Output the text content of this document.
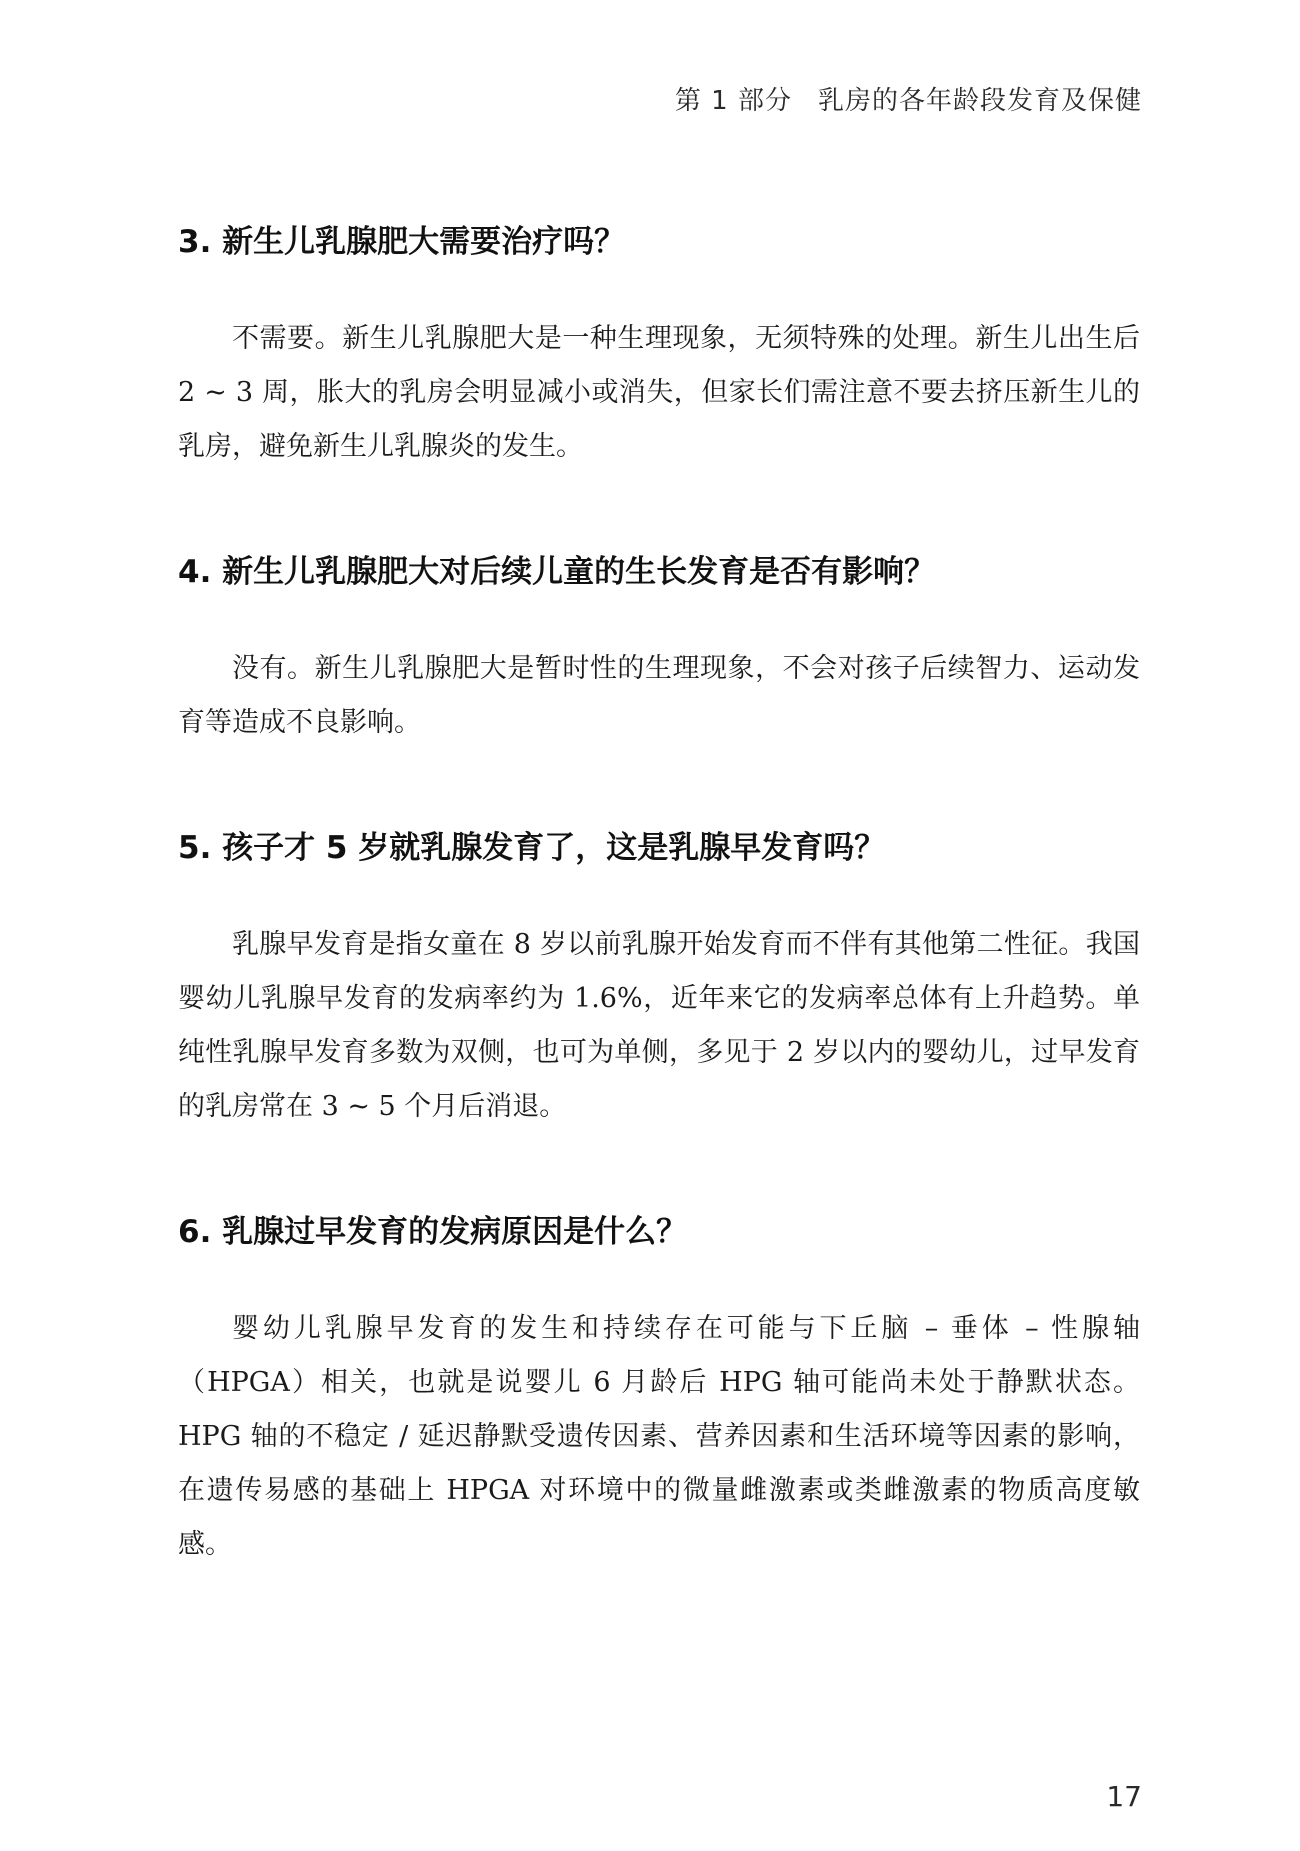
第 1 部分 乳房的各年龄段发育及保健
3. 新生儿乳腺肥大需要治疗吗？

不需要。新生儿乳腺肥大是一种生理现象，无须特殊的处理。新生儿出生后 2 ~ 3 周，胀大的乳房会明显减小或消失，但家长们需注意不要去挤压新生儿的乳房，避免新生儿乳腺炎的发生。

4. 新生儿乳腺肥大对后续儿童的生长发育是否有影响？

没有。新生儿乳腺肥大是暂时性的生理现象，不会对孩子后续智力、运动发育等造成不良影响。

5. 孩子才 5 岁就乳腺发育了，这是乳腺早发育吗？

乳腺早发育是指女童在 8 岁以前乳腺开始发育而不伴有其他第二性征。我国婴幼儿乳腺早发育的发病率约为 1.6%，近年来它的发病率总体有上升趋势。单纯性乳腺早发育多数为双侧，也可为单侧，多见于 2 岁以内的婴幼儿，过早发育的乳房常在 3 ~ 5 个月后消退。

6. 乳腺过早发育的发病原因是什么？

婴幼儿乳腺早发育的发生和持续存在可能与下丘脑 – 垂体 – 性腺轴（HPGA）相关，也就是说婴儿 6 月龄后 HPG 轴可能尚未处于静默状态。HPG 轴的不稳定 / 延迟静默受遗传因素、营养因素和生活环境等因素的影响，在遗传易感的基础上 HPGA 对环境中的微量雌激素或类雌激素的物质高度敏感。

17
